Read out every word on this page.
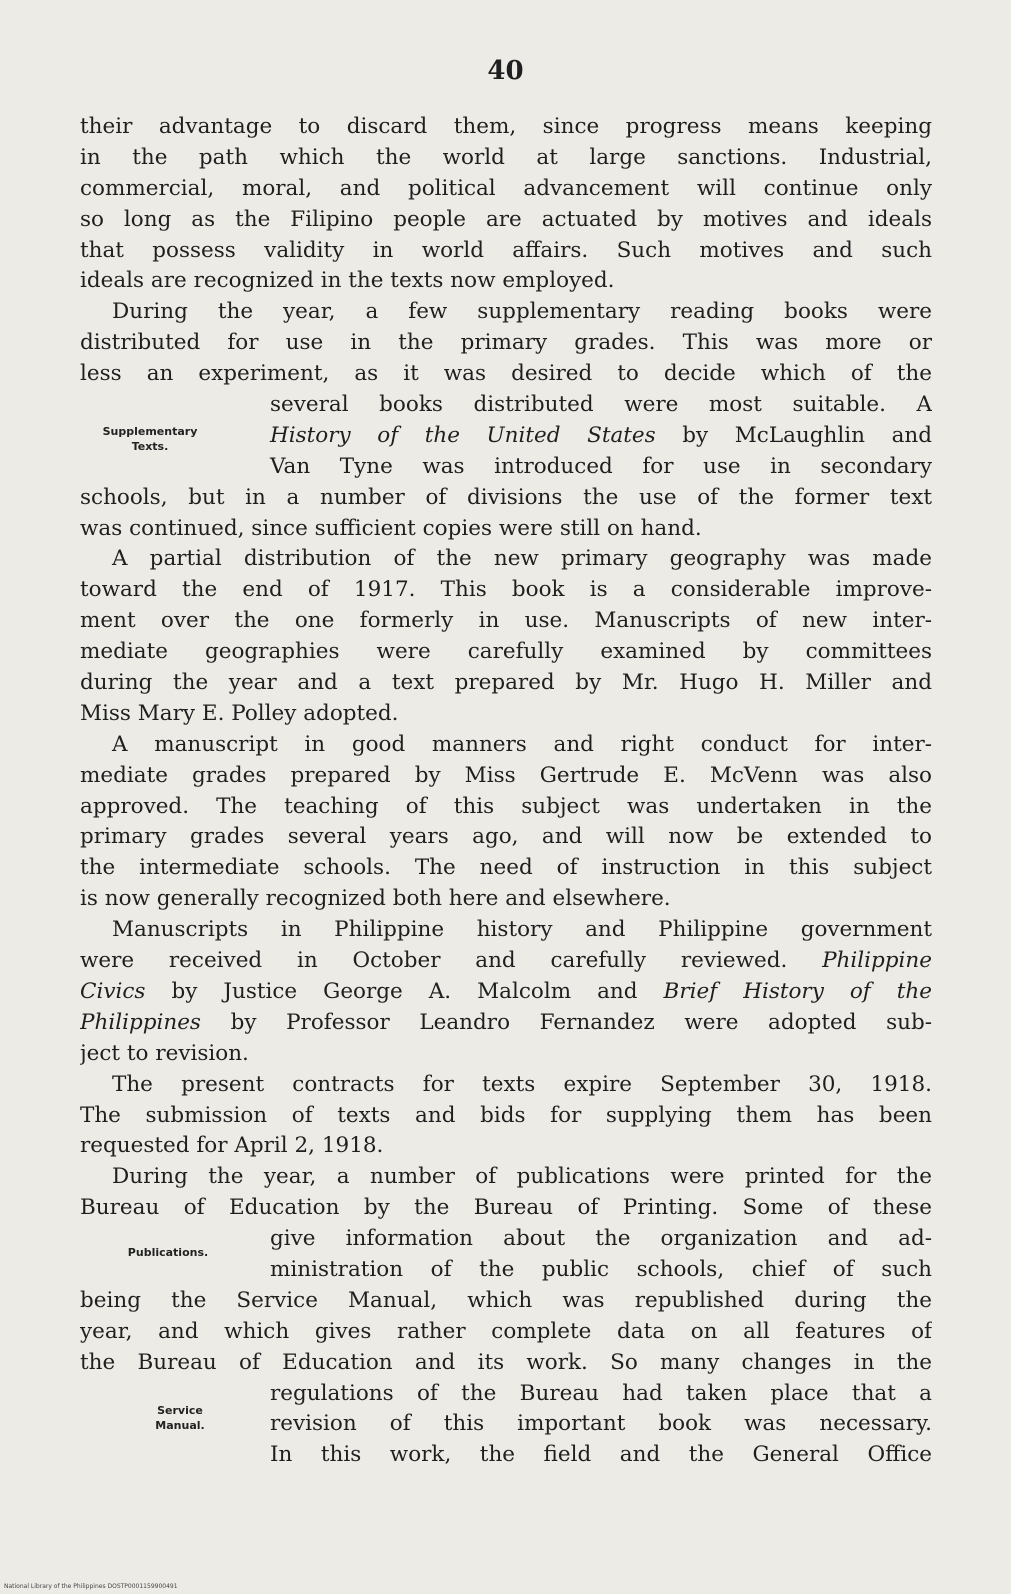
40
Supplementary
Texts.
Publications.
Service
Manual.
their advantage to discard them, since progress means keeping
in the path which the world at large sanctions. Industrial,
commercial, moral, and political advancement will continue only
so long as the Filipino people are actuated by motives and ideals
that possess validity in world affairs. Such motives and such
ideals are recognized in the texts now employed.
During the year, a few supplementary reading books were
distributed for use in the primary grades. This was more or
less an experiment, as it was desired to decide which of the
several books distributed were most suitable. A
History of the United States by McLaughlin and
Van Tyne was introduced for use in secondary
schools, but in a number of divisions the use of the former text
was continued, since sufficient copies were still on hand.
A partial distribution of the new primary geography was made
toward the end of 1917. This book is a considerable improve-
ment over the one formerly in use. Manuscripts of new inter-
mediate geographies were carefully examined by committees
during the year and a text prepared by Mr. Hugo H. Miller and
Miss Mary E. Polley adopted.
A manuscript in good manners and right conduct for inter-
mediate grades prepared by Miss Gertrude E. McVenn was also
approved. The teaching of this subject was undertaken in the
primary grades several years ago, and will now be extended to
the intermediate schools. The need of instruction in this subject
is now generally recognized both here and elsewhere.
Manuscripts in Philippine history and Philippine government
were received in October and carefully reviewed. Philippine
Civics by Justice George A. Malcolm and Brief History of the
Philippines by Professor Leandro Fernandez were adopted sub-
ject to revision.
The present contracts for texts expire September 30, 1918.
The submission of texts and bids for supplying them has been
requested for April 2, 1918.
During the year, a number of publications were printed for the
Bureau of Education by the Bureau of Printing. Some of these
give information about the organization and ad-
ministration of the public schools, chief of such
being the Service Manual, which was republished during the
year, and which gives rather complete data on all features of
the Bureau of Education and its work. So many changes in the
regulations of the Bureau had taken place that a
revision of this important book was necessary.
In this work, the field and the General Office
National Library of the Philippines DOSTP0001159900491
